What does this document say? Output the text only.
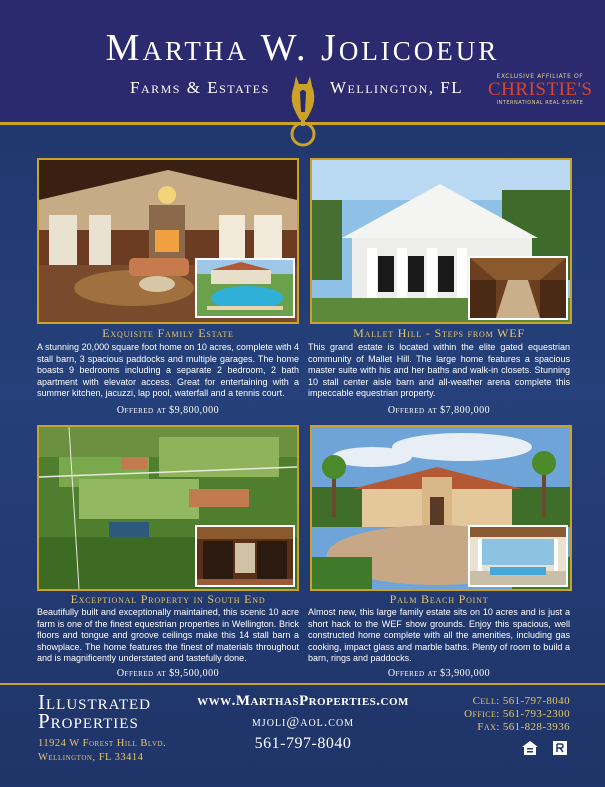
Martha W. Jolicoeur
Farms & Estates	Wellington, FL
EXCLUSIVE AFFILIATE OF
CHRISTIE'S
INTERNATIONAL REAL ESTATE
Exquisite Family Estate
A stunning 20,000 square foot home on 10 acres, complete with 4 stall barn, 3 spacious paddocks and multiple garages. The home boasts 9 bedrooms including a separate 2 bedroom, 2 bath apartment with elevator access. Great for entertaining with a summer kitchen, jacuzzi, lap pool, waterfall and a tennis court.
Offered at $9,800,000
Mallet Hill - Steps from WEF
This grand estate is located within the elite gated equestrian community of Mallet Hill. The large home features a spacious master suite with his and her baths and walk-in closets. Stunning 10 stall center aisle barn and all-weather arena complete this impeccable equestrian property.
Offered at $7,800,000
Exceptional Property in South End
Beautifully built and exceptionally maintained, this scenic 10 acre farm is one of the finest equestrian properties in Wellington. Brick floors and tongue and groove ceilings make this 14 stall barn a showplace. The home features the finest of materials throughout and is magnificently understated and tastefully done.
Offered at $9,500,000
Palm Beach Point
Almost new, this large family estate sits on 10 acres and is just a short hack to the WEF show grounds. Enjoy this spacious, well constructed home complete with all the amenities, including gas cooking, impact glass and marble baths. Plenty of room to build a barn, rings and paddocks.
Offered at $3,900,000
Illustrated
Properties
11924 W Forest Hill Blvd.
Wellington, FL 33414
www.MarthasProperties.com
mjoli@aol.com
561-797-8040
Cell: 561-797-8040
Office: 561-793-2300
Fax: 561-828-3936
